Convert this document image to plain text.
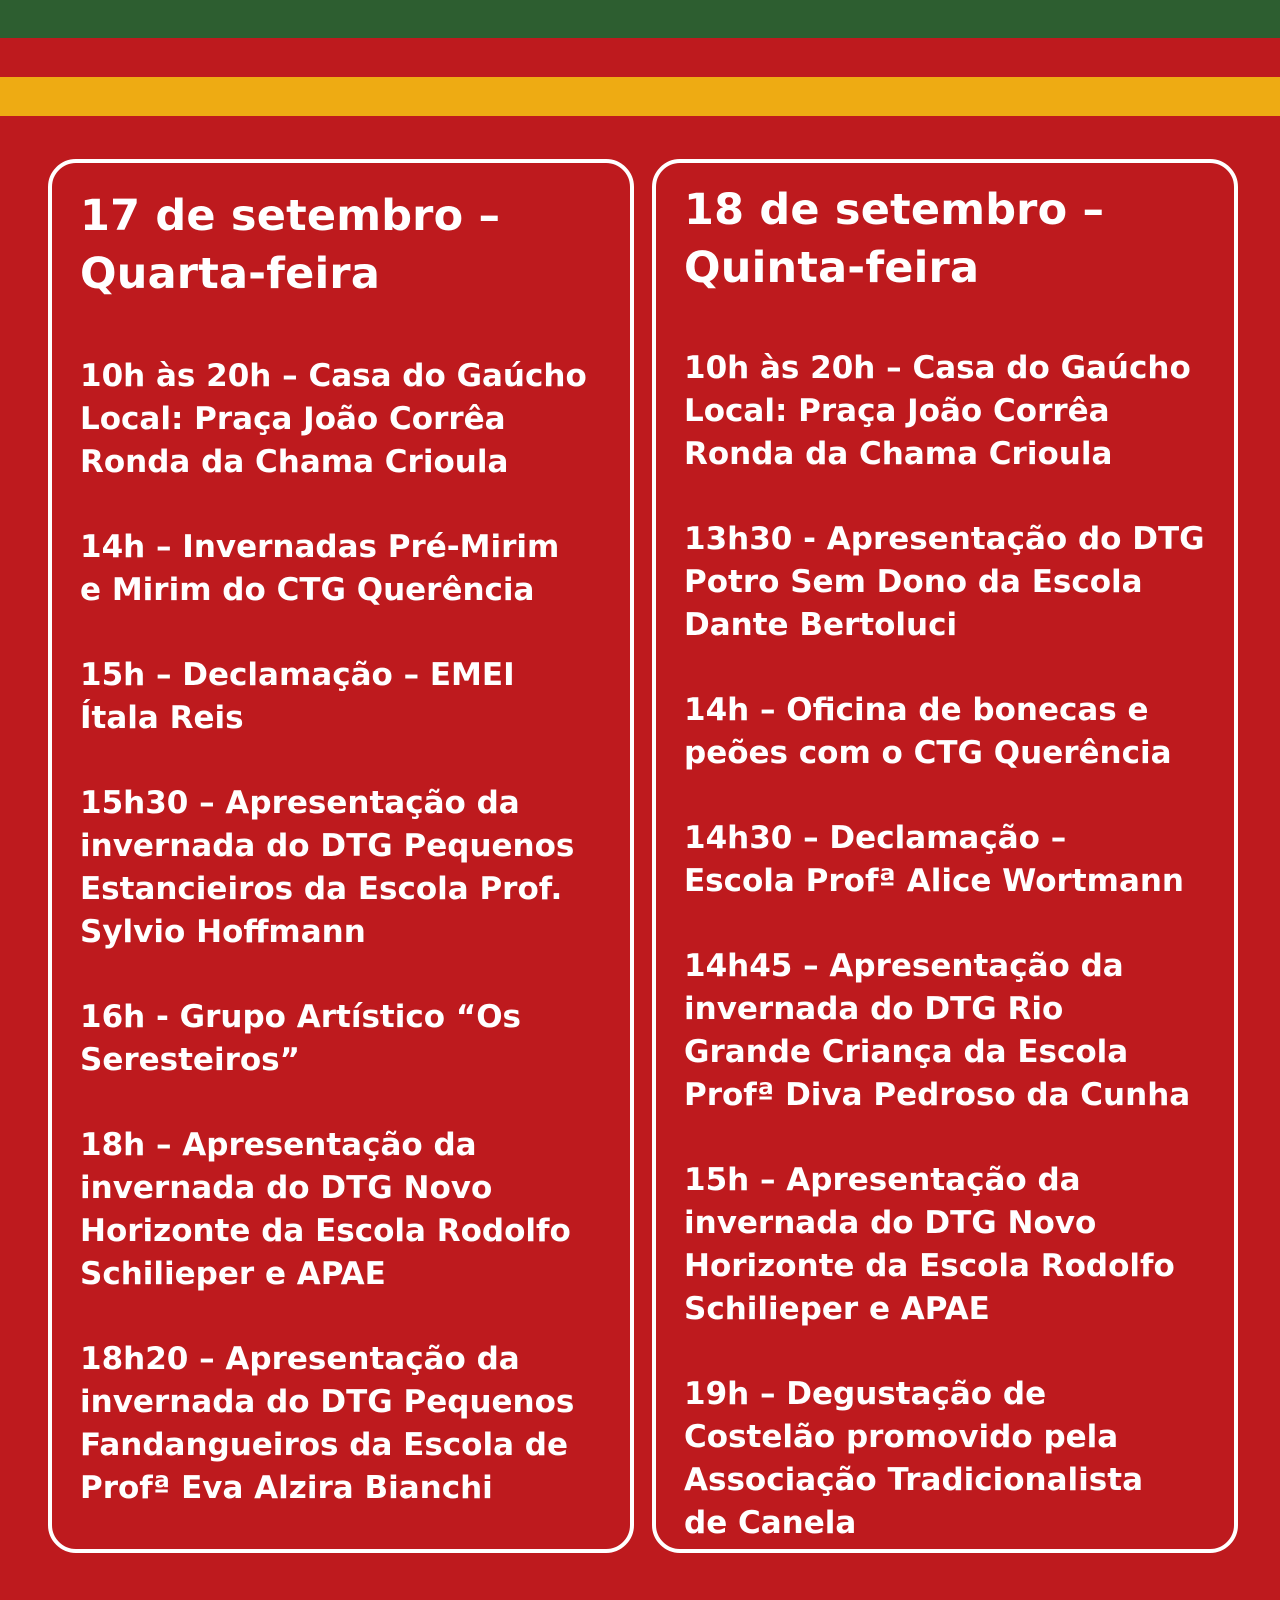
17 de setembro –
Quarta-feira
10h às 20h – Casa do Gaúcho
Local: Praça João Corrêa
Ronda da Chama Crioula
14h – Invernadas Pré-Mirim
e Mirim do CTG Querência
15h – Declamação – EMEI
Ítala Reis
15h30 – Apresentação da
invernada do DTG Pequenos
Estancieiros da Escola Prof.
Sylvio Hoffmann
16h - Grupo Artístico “Os
Seresteiros”
18h – Apresentação da
invernada do DTG Novo
Horizonte da Escola Rodolfo
Schilieper e APAE
18h20 – Apresentação da
invernada do DTG Pequenos
Fandangueiros da Escola de
Profª Eva Alzira Bianchi
18 de setembro –
Quinta-feira
10h às 20h – Casa do Gaúcho
Local: Praça João Corrêa
Ronda da Chama Crioula
13h30 - Apresentação do DTG
Potro Sem Dono da Escola
Dante Bertoluci
14h – Oficina de bonecas e
peões com o CTG Querência
14h30 – Declamação –
Escola Profª Alice Wortmann
14h45 – Apresentação da
invernada do DTG Rio
Grande Criança da Escola
Profª Diva Pedroso da Cunha
15h – Apresentação da
invernada do DTG Novo
Horizonte da Escola Rodolfo
Schilieper e APAE
19h – Degustação de
Costelão promovido pela
Associação Tradicionalista
de Canela
